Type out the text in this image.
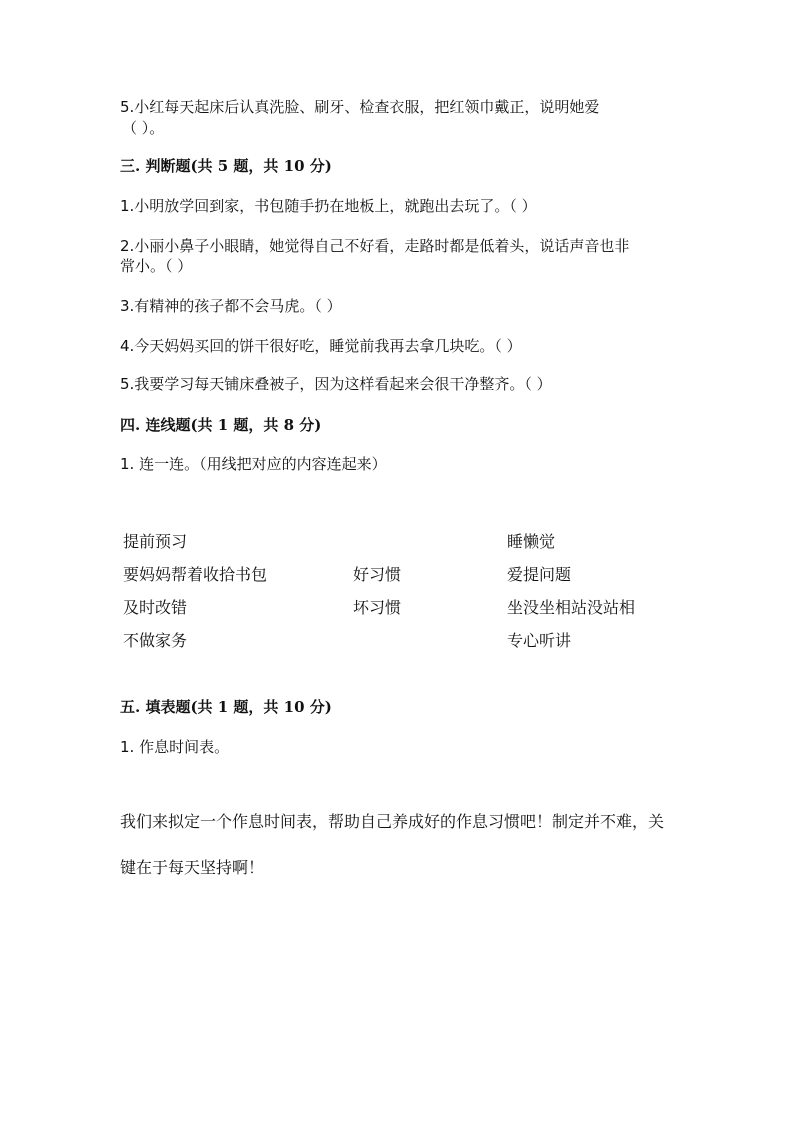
5.小红每天起床后认真洗脸、刷牙、检查衣服，把红领巾戴正，说明她爱
（ ）。
三. 判断题(共 5 题，共 10 分)
1.小明放学回到家，书包随手扔在地板上，就跑出去玩了。（ ）
2.小丽小鼻子小眼睛，她觉得自己不好看，走路时都是低着头，说话声音也非
常小。（ ）
3.有精神的孩子都不会马虎。（ ）
4.今天妈妈买回的饼干很好吃，睡觉前我再去拿几块吃。（ ）
5.我要学习每天铺床叠被子，因为这样看起来会很干净整齐。（ ）
四. 连线题(共 1 题，共 8 分)
1. 连一连。（用线把对应的内容连起来）
提前预习
要妈妈帮着收拾书包
及时改错
不做家务
好习惯
坏习惯
睡懒觉
爱提问题
坐没坐相站没站相
专心听讲
五. 填表题(共 1 题，共 10 分)
1. 作息时间表。
我们来拟定一个作息时间表，帮助自己养成好的作息习惯吧！制定并不难，关
键在于每天坚持啊！
